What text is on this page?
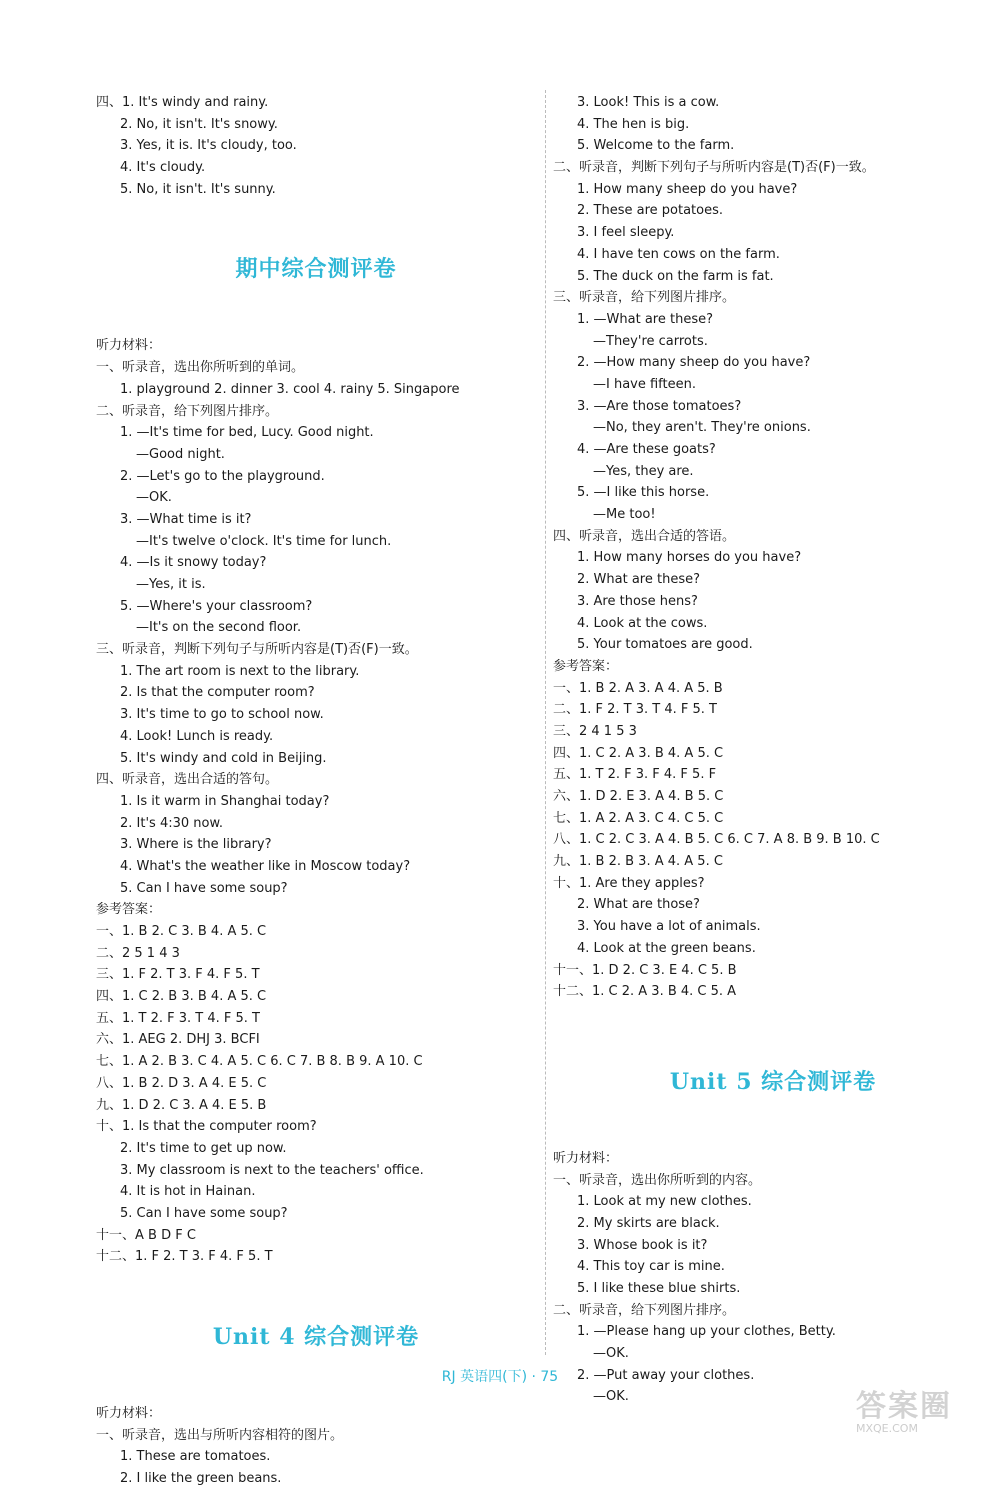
四、1. It's windy and rainy.
2. No, it isn't. It's snowy.
3. Yes, it is. It's cloudy, too.
4. It's cloudy.
5. No, it isn't. It's sunny.
期中综合测评卷
听力材料：
一、听录音，选出你所听到的单词。
1. playground 2. dinner 3. cool 4. rainy 5. Singapore
二、听录音，给下列图片排序。
1. —It's time for bed, Lucy. Good night.
—Good night.
2. —Let's go to the playground.
—OK.
3. —What time is it?
—It's twelve o'clock. It's time for lunch.
4. —Is it snowy today?
—Yes, it is.
5. —Where's your classroom?
—It's on the second floor.
三、听录音，判断下列句子与所听内容是(T)否(F)一致。
1. The art room is next to the library.
2. Is that the computer room?
3. It's time to go to school now.
4. Look! Lunch is ready.
5. It's windy and cold in Beijing.
四、听录音，选出合适的答句。
1. Is it warm in Shanghai today?
2. It's 4:30 now.
3. Where is the library?
4. What's the weather like in Moscow today?
5. Can I have some soup?
参考答案：
一、1. B 2. C 3. B 4. A 5. C
二、2 5 1 4 3
三、1. F 2. T 3. F 4. F 5. T
四、1. C 2. B 3. B 4. A 5. C
五、1. T 2. F 3. T 4. F 5. T
六、1. AEG 2. DHJ 3. BCFI
七、1. A 2. B 3. C 4. A 5. C 6. C 7. B 8. B 9. A 10. C
八、1. B 2. D 3. A 4. E 5. C
九、1. D 2. C 3. A 4. E 5. B
十、1. Is that the computer room?
2. It's time to get up now.
3. My classroom is next to the teachers' office.
4. It is hot in Hainan.
5. Can I have some soup?
十一、A B D F C
十二、1. F 2. T 3. F 4. F 5. T
Unit 4 综合测评卷
听力材料：
一、听录音，选出与所听内容相符的图片。
1. These are tomatoes.
2. I like the green beans.
3. Look! This is a cow.
4. The hen is big.
5. Welcome to the farm.
二、听录音，判断下列句子与所听内容是(T)否(F)一致。
1. How many sheep do you have?
2. These are potatoes.
3. I feel sleepy.
4. I have ten cows on the farm.
5. The duck on the farm is fat.
三、听录音，给下列图片排序。
1. —What are these?
—They're carrots.
2. —How many sheep do you have?
—I have fifteen.
3. —Are those tomatoes?
—No, they aren't. They're onions.
4. —Are these goats?
—Yes, they are.
5. —I like this horse.
—Me too!
四、听录音，选出合适的答语。
1. How many horses do you have?
2. What are these?
3. Are those hens?
4. Look at the cows.
5. Your tomatoes are good.
参考答案：
一、1. B 2. A 3. A 4. A 5. B
二、1. F 2. T 3. T 4. F 5. T
三、2 4 1 5 3
四、1. C 2. A 3. B 4. A 5. C
五、1. T 2. F 3. F 4. F 5. F
六、1. D 2. E 3. A 4. B 5. C
七、1. A 2. A 3. C 4. C 5. C
八、1. C 2. C 3. A 4. B 5. C 6. C 7. A 8. B 9. B 10. C
九、1. B 2. B 3. A 4. A 5. C
十、1. Are they apples?
2. What are those?
3. You have a lot of animals.
4. Look at the green beans.
十一、1. D 2. C 3. E 4. C 5. B
十二、1. C 2. A 3. B 4. C 5. A
Unit 5 综合测评卷
听力材料：
一、听录音，选出你所听到的内容。
1. Look at my new clothes.
2. My skirts are black.
3. Whose book is it?
4. This toy car is mine.
5. I like these blue shirts.
二、听录音，给下列图片排序。
1. —Please hang up your clothes, Betty.
—OK.
2. —Put away your clothes.
—OK.
RJ 英语四(下) · 75
答案圈
MXQE.COM
